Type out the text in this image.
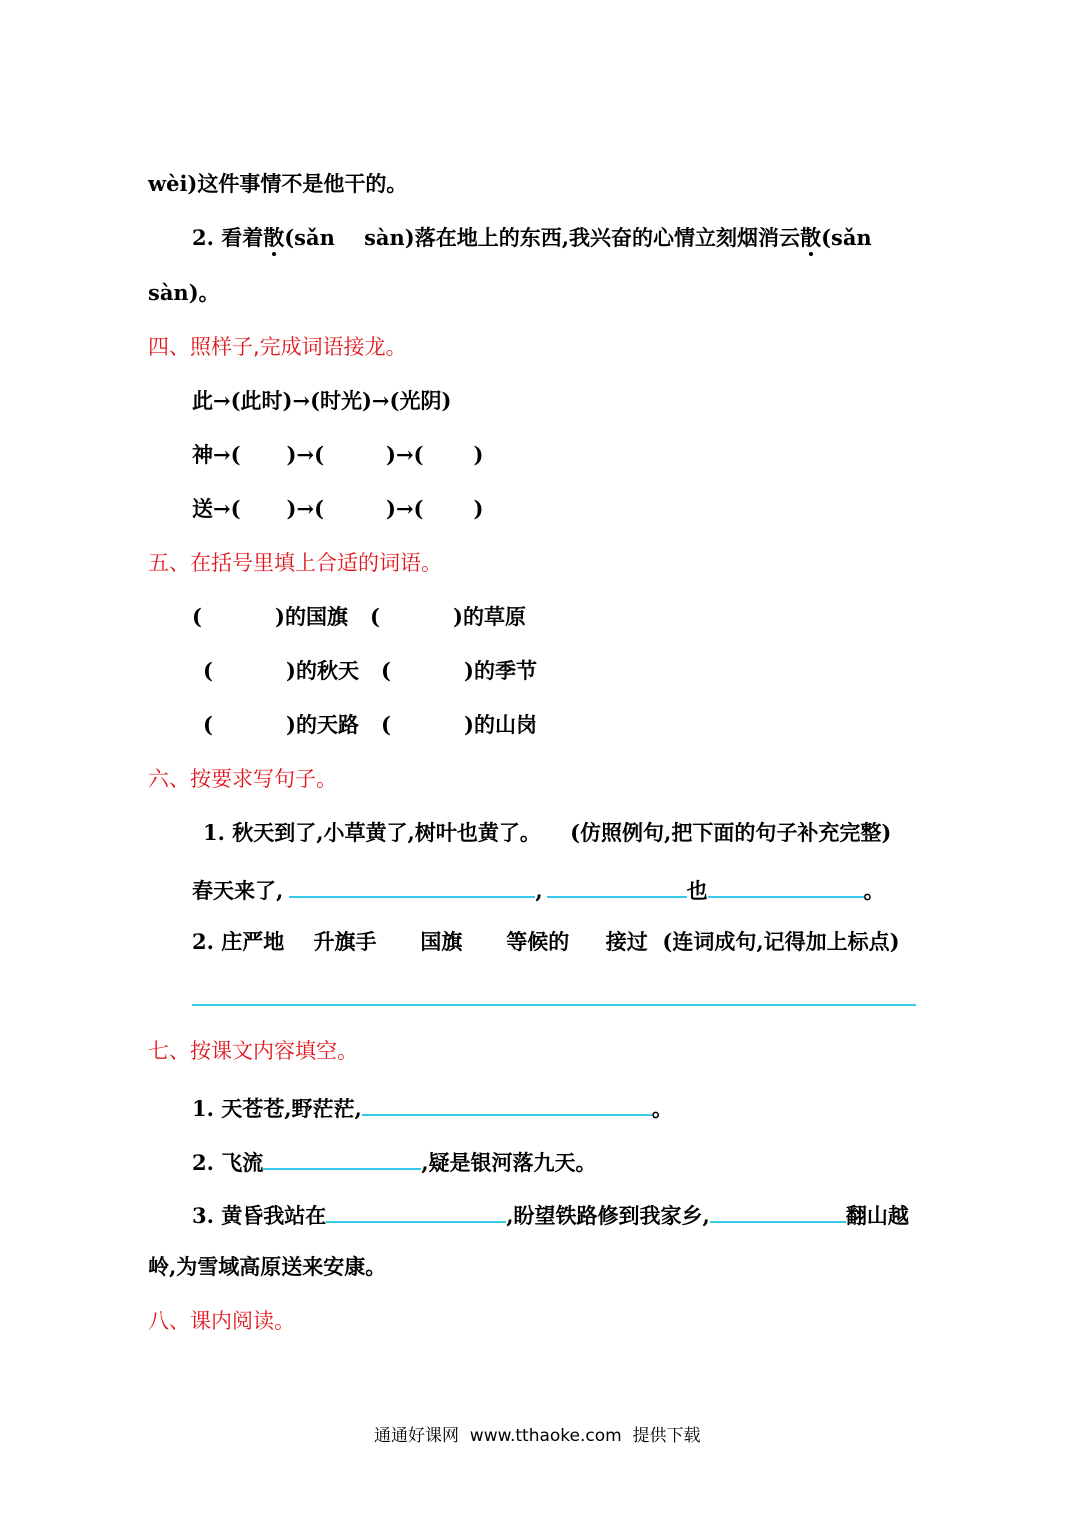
wèi)这件事情不是他干的。
2. 看着散(sǎn    sàn)落在地上的东西,我兴奋的心情立刻烟消云散(sǎn
sàn)。
四、照样子,完成词语接龙。
此→(此时)→(时光)→(光阴)
神→( )→(	)→( )
送→( )→(	)→( )
五、在括号里填上合适的词语。
(          )的国旗 (          )的草原
(          )的秋天 (          )的季节
(          )的天路 (          )的山岗
六、按要求写句子。
1. 秋天到了,小草黄了,树叶也黄了。    (仿照例句,把下面的句子补充完整)
春天来了,	,	也	。
2. 庄严地    升旗手      国旗      等候的     接过  (连词成句,记得加上标点)
七、按课文内容填空。
1. 天苍苍,野茫茫,	。
2. 飞流	,疑是银河落九天。
3. 黄昏我站在	,盼望铁路修到我家乡,	翻山越
岭,为雪域高原送来安康。
八、课内阅读。
通通好课网  www.tthaoke.com  提供下载
